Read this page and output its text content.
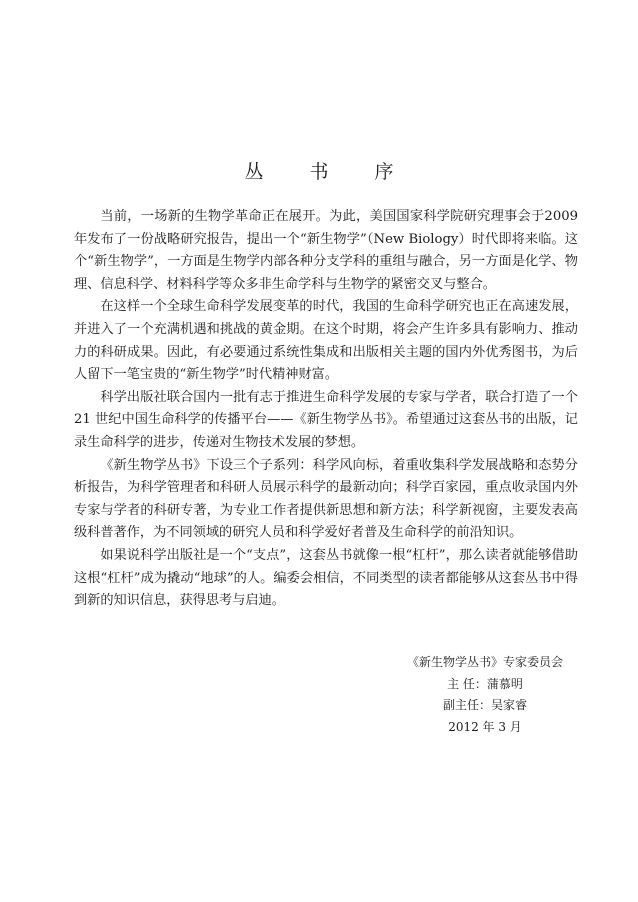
丛 书 序

当前，一场新的生物学革命正在展开。为此，美国国家科学院研究理事会于2009 年发布了一份战略研究报告，提出一个“新生物学”（New Biology）时代即将来临。这个“新生物学”，一方面是生物学内部各种分支学科的重组与融合，另一方面是化学、物理、信息科学、材料科学等众多非生命学科与生物学的紧密交叉与整合。

在这样一个全球生命科学发展变革的时代，我国的生命科学研究也正在高速发展，并进入了一个充满机遇和挑战的黄金期。在这个时期，将会产生许多具有影响力、推动力的科研成果。因此，有必要通过系统性集成和出版相关主题的国内外优秀图书，为后人留下一笔宝贵的“新生物学”时代精神财富。

科学出版社联合国内一批有志于推进生命科学发展的专家与学者，联合打造了一个 21 世纪中国生命科学的传播平台——《新生物学丛书》。希望通过这套丛书的出版，记录生命科学的进步，传递对生物技术发展的梦想。

《新生物学丛书》下设三个子系列：科学风向标，着重收集科学发展战略和态势分析报告，为科学管理者和科研人员展示科学的最新动向；科学百家园，重点收录国内外专家与学者的科研专著，为专业工作者提供新思想和新方法；科学新视窗，主要发表高级科普著作，为不同领域的研究人员和科学爱好者普及生命科学的前沿知识。

如果说科学出版社是一个“支点”，这套丛书就像一根“杠杆”，那么读者就能够借助这根“杠杆”成为撬动“地球”的人。编委会相信，不同类型的读者都能够从这套丛书中得到新的知识信息，获得思考与启迪。

《新生物学丛书》专家委员会
主 任：蒲慕明
副主任：吴家睿
2012 年 3 月
